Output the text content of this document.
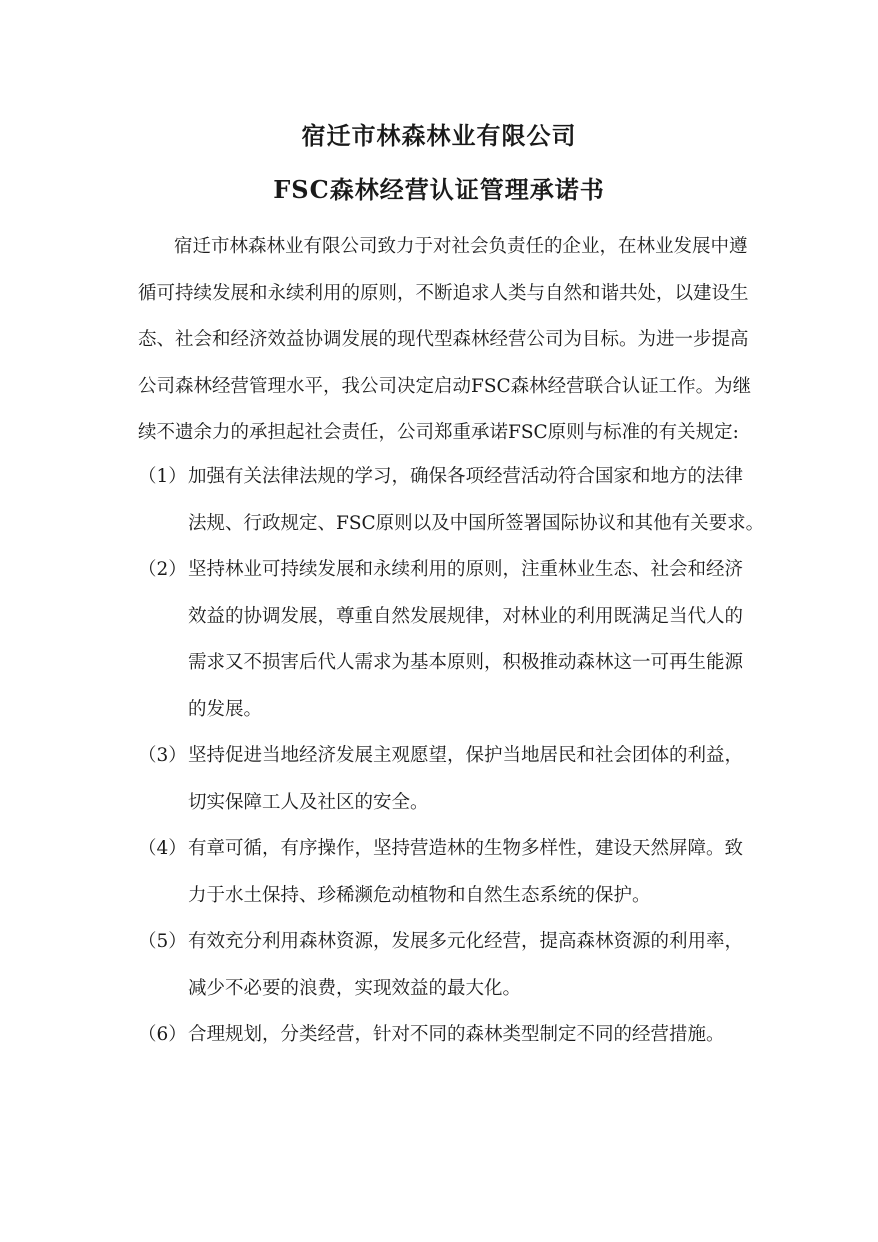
宿迁市林森林业有限公司
FSC森林经营认证管理承诺书
宿迁市林森林业有限公司致力于对社会负责任的企业，在林业发展中遵
循可持续发展和永续利用的原则，不断追求人类与自然和谐共处，以建设生
态、社会和经济效益协调发展的现代型森林经营公司为目标。为进一步提高
公司森林经营管理水平，我公司决定启动FSC森林经营联合认证工作。为继
续不遗余力的承担起社会责任，公司郑重承诺FSC原则与标准的有关规定:
（1） 加强有关法律法规的学习，确保各项经营活动符合国家和地方的法律
法规、行政规定、FSC原则以及中国所签署国际协议和其他有关要求。
（2） 坚持林业可持续发展和永续利用的原则，注重林业生态、社会和经济
效益的协调发展，尊重自然发展规律，对林业的利用既满足当代人的
需求又不损害后代人需求为基本原则，积极推动森林这一可再生能源
的发展。
（3） 坚持促进当地经济发展主观愿望，保护当地居民和社会团体的利益，
切实保障工人及社区的安全。
（4） 有章可循，有序操作，坚持营造林的生物多样性，建设天然屏障。致
力于水土保持、珍稀濒危动植物和自然生态系统的保护。
（5） 有效充分利用森林资源，发展多元化经营，提高森林资源的利用率，
减少不必要的浪费，实现效益的最大化。
（6） 合理规划，分类经营，针对不同的森林类型制定不同的经营措施。
